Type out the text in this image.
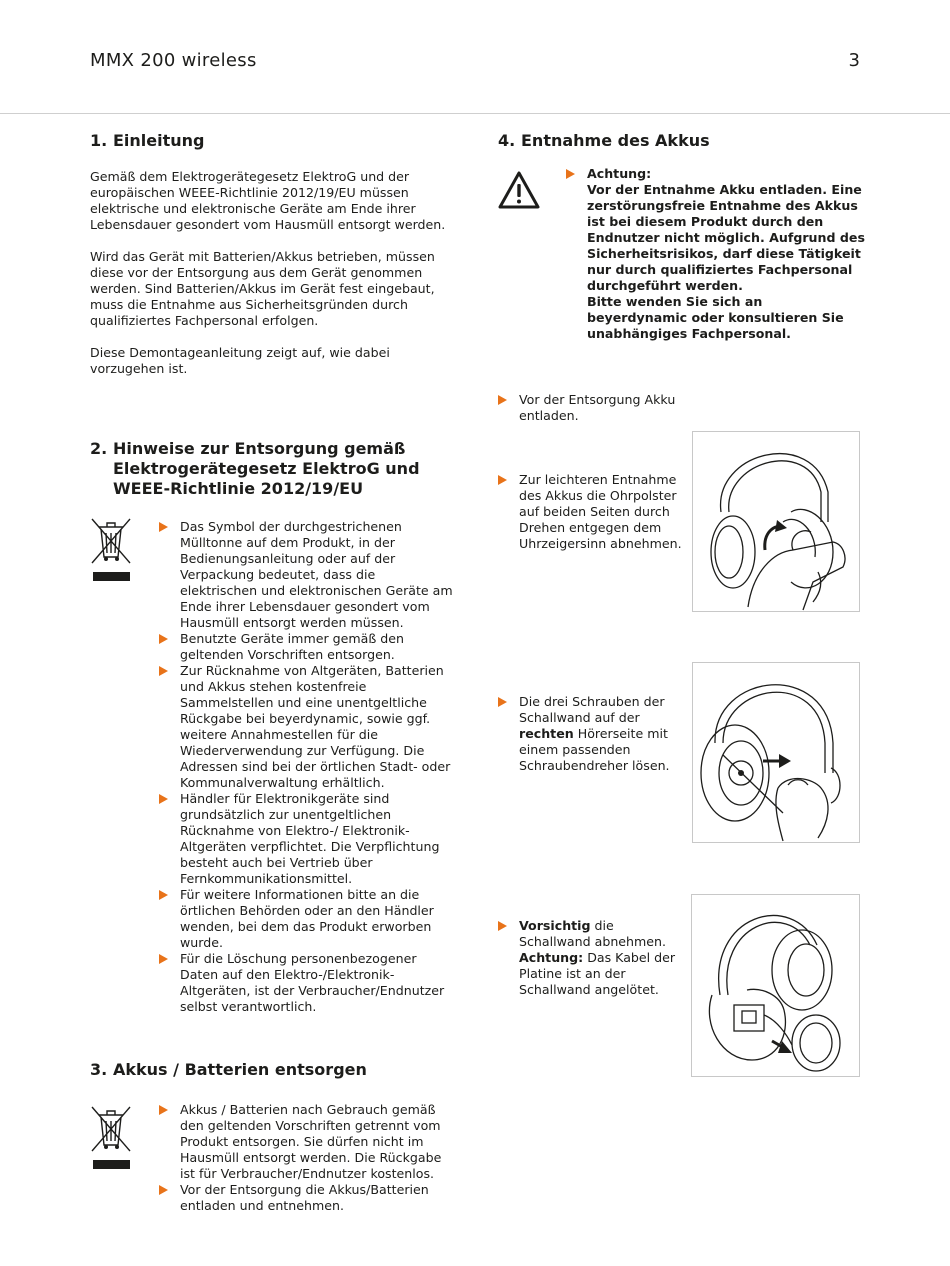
MMX 200 wireless	3
1. Einleitung

Gemäß dem Elektrogerätegesetz ElektroG und der europäischen WEEE-Richtlinie 2012/19/EU müssen elektrische und elektronische Geräte am Ende ihrer Lebensdauer gesondert vom Hausmüll entsorgt werden.

Wird das Gerät mit Batterien/Akkus betrieben, müssen diese vor der Entsorgung aus dem Gerät genommen werden. Sind Batterien/Akkus im Gerät fest eingebaut, muss die Entnahme aus Sicherheitsgründen durch qualifiziertes Fachpersonal erfolgen.

Diese Demontageanleitung zeigt auf, wie dabei vorzugehen ist.

2. Hinweise zur Entsorgung gemäß Elektrogerätegesetz ElektroG und WEEE-Richtlinie 2012/19/EU
Das Symbol der durchgestrichenen Mülltonne auf dem Produkt, in der Bedienungsanleitung oder auf der Verpackung bedeutet, dass die elektrischen und elektronischen Geräte am Ende ihrer Lebensdauer gesondert vom Hausmüll entsorgt werden müssen.
Benutzte Geräte immer gemäß den geltenden Vorschriften entsorgen.
Zur Rücknahme von Altgeräten, Batterien und Akkus stehen kostenfreie Sammelstellen und eine unentgeltliche Rückgabe bei beyerdynamic, sowie ggf. weitere Annahmestellen für die Wiederverwendung zur Verfügung. Die Adressen sind bei der örtlichen Stadt- oder Kommunalverwaltung erhältlich.
Händler für Elektronikgeräte sind grundsätzlich zur unentgeltlichen Rücknahme von Elektro-/ Elektronik-Altgeräten verpflichtet. Die Verpflichtung besteht auch bei Vertrieb über Fernkommunikationsmittel.
Für weitere Informationen bitte an die örtlichen Behörden oder an den Händler wenden, bei dem das Produkt erworben wurde.
Für die Löschung personenbezogener Daten auf den Elektro-/Elektronik-Altgeräten, ist der Verbraucher/Endnutzer selbst verantwortlich.
3. Akkus / Batterien entsorgen
Akkus / Batterien nach Gebrauch gemäß den geltenden Vorschriften getrennt vom Produkt entsorgen. Sie dürfen nicht im Hausmüll entsorgt werden. Die Rückgabe ist für Verbraucher/Endnutzer kostenlos.
Vor der Entsorgung die Akkus/Batterien entladen und entnehmen.
4. Entnahme des Akkus
Achtung:
Vor der Entnahme Akku entladen. Eine zerstörungsfreie Entnahme des Akkus ist bei diesem Produkt durch den Endnutzer nicht möglich. Aufgrund des Sicherheitsrisikos, darf diese Tätigkeit nur durch qualifiziertes Fachpersonal durchgeführt werden.
Bitte wenden Sie sich an beyerdynamic oder konsultieren Sie unabhängiges Fachpersonal.
Vor der Entsorgung Akku entladen.
Zur leichteren Entnahme des Akkus die Ohrpolster auf beiden Seiten durch Drehen entgegen dem Uhrzeigersinn abnehmen.
Die drei Schrauben der Schallwand auf der rechten Hörerseite mit einem passenden Schraubendreher lösen.
Vorsichtig die Schallwand abnehmen.
Achtung: Das Kabel der Platine ist an der Schallwand angelötet.
